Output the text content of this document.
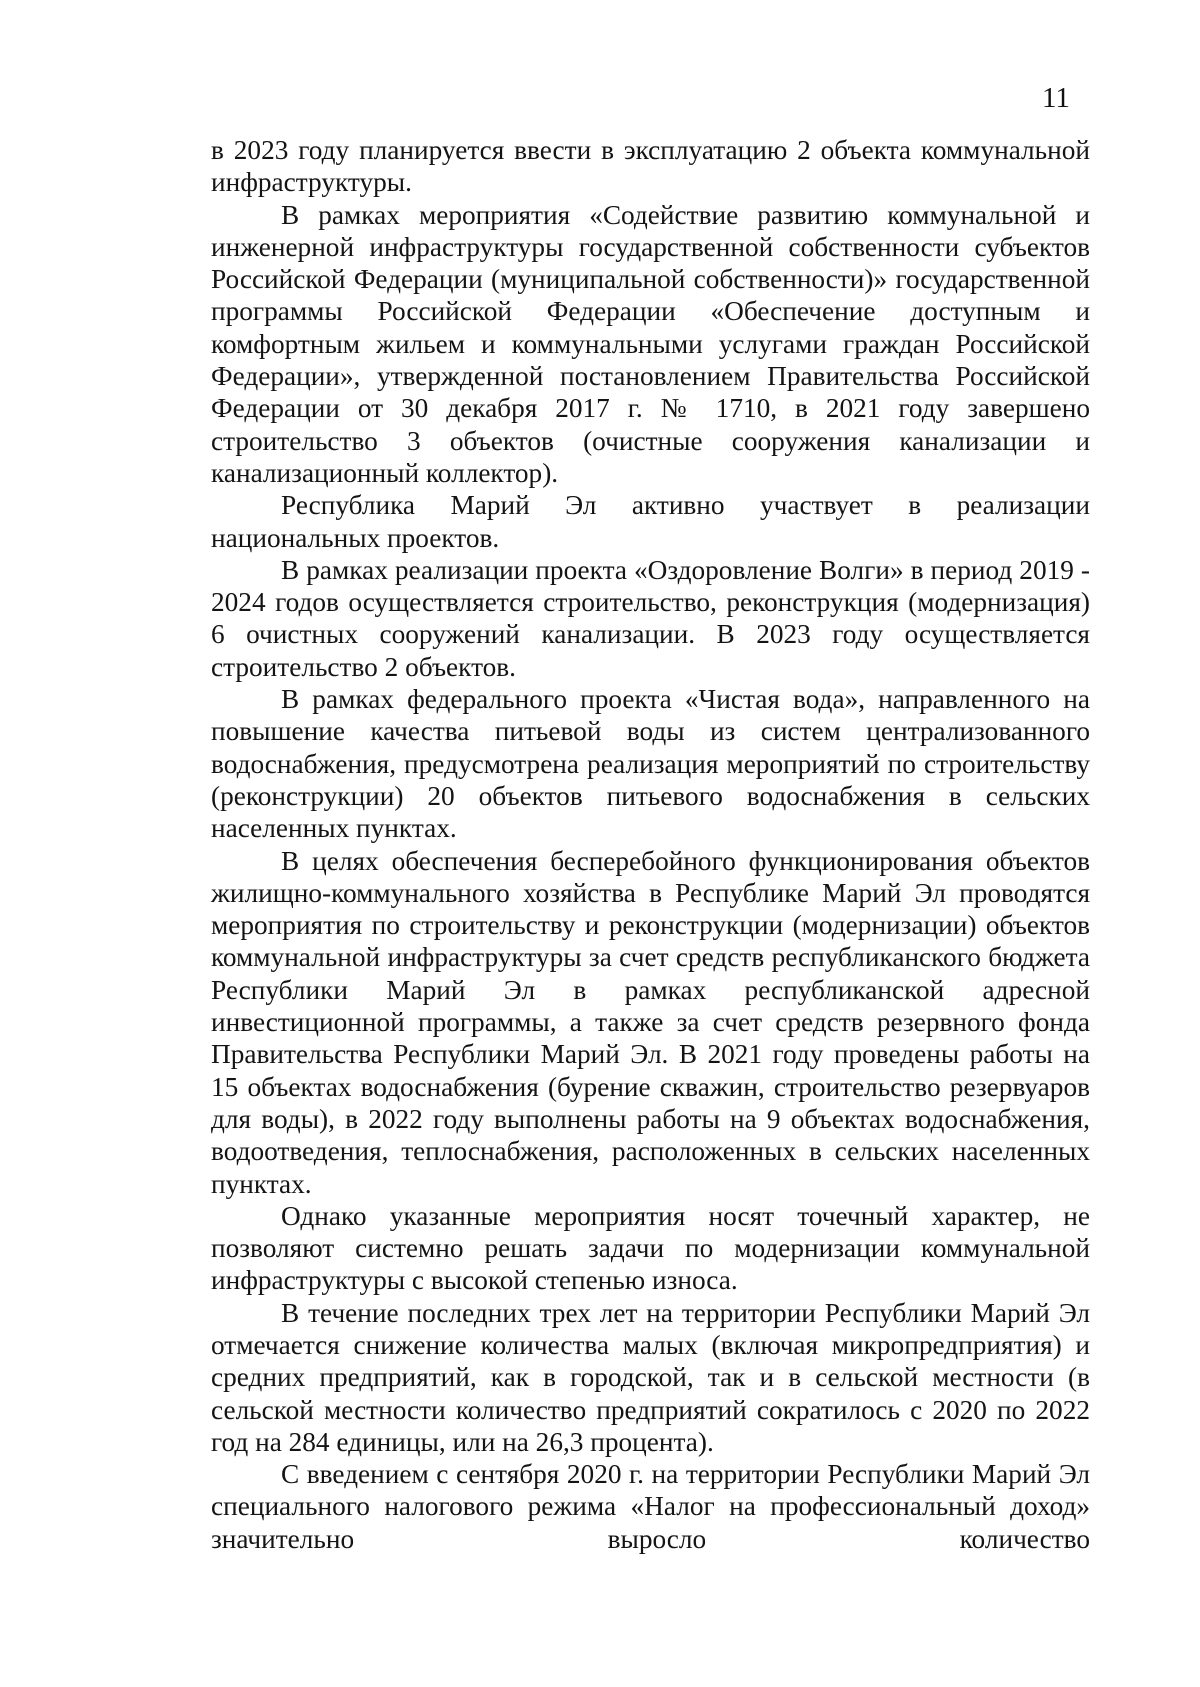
11

в 2023 году планируется ввести в эксплуатацию 2 объекта коммунальной инфраструктуры.

В рамках мероприятия «Содействие развитию коммунальной и инженерной инфраструктуры государственной собственности субъектов Российской Федерации (муниципальной собственности)» государственной программы Российской Федерации «Обеспечение доступным и комфортным жильем и коммунальными услугами граждан Российской Федерации», утвержденной постановлением Правительства Российской Федерации от 30 декабря 2017 г. № 1710, в 2021 году завершено строительство 3 объектов (очистные сооружения канализации и канализационный коллектор).

Республика Марий Эл активно участвует в реализации национальных проектов.

В рамках реализации проекта «Оздоровление Волги» в период 2019 - 2024 годов осуществляется строительство, реконструкция (модернизация) 6 очистных сооружений канализации. В 2023 году осуществляется строительство 2 объектов.

В рамках федерального проекта «Чистая вода», направленного на повышение качества питьевой воды из систем централизованного водоснабжения, предусмотрена реализация мероприятий по строительству (реконструкции) 20 объектов питьевого водоснабжения в сельских населенных пунктах.

В целях обеспечения бесперебойного функционирования объектов жилищно-коммунального хозяйства в Республике Марий Эл проводятся мероприятия по строительству и реконструкции (модернизации) объектов коммунальной инфраструктуры за счет средств республиканского бюджета Республики Марий Эл в рамках республиканской адресной инвестиционной программы, а также за счет средств резервного фонда Правительства Республики Марий Эл. В 2021 году проведены работы на 15 объектах водоснабжения (бурение скважин, строительство резервуаров для воды), в 2022 году выполнены работы на 9 объектах водоснабжения, водоотведения, теплоснабжения, расположенных в сельских населенных пунктах.

Однако указанные мероприятия носят точечный характер, не позволяют системно решать задачи по модернизации коммунальной инфраструктуры с высокой степенью износа.

В течение последних трех лет на территории Республики Марий Эл отмечается снижение количества малых (включая микропредприятия) и средних предприятий, как в городской, так и в сельской местности (в сельской местности количество предприятий сократилось с 2020 по 2022 год на 284 единицы, или на 26,3 процента).

С введением с сентября 2020 г. на территории Республики Марий Эл специального налогового режима «Налог на профессиональный доход» значительно выросло количество
